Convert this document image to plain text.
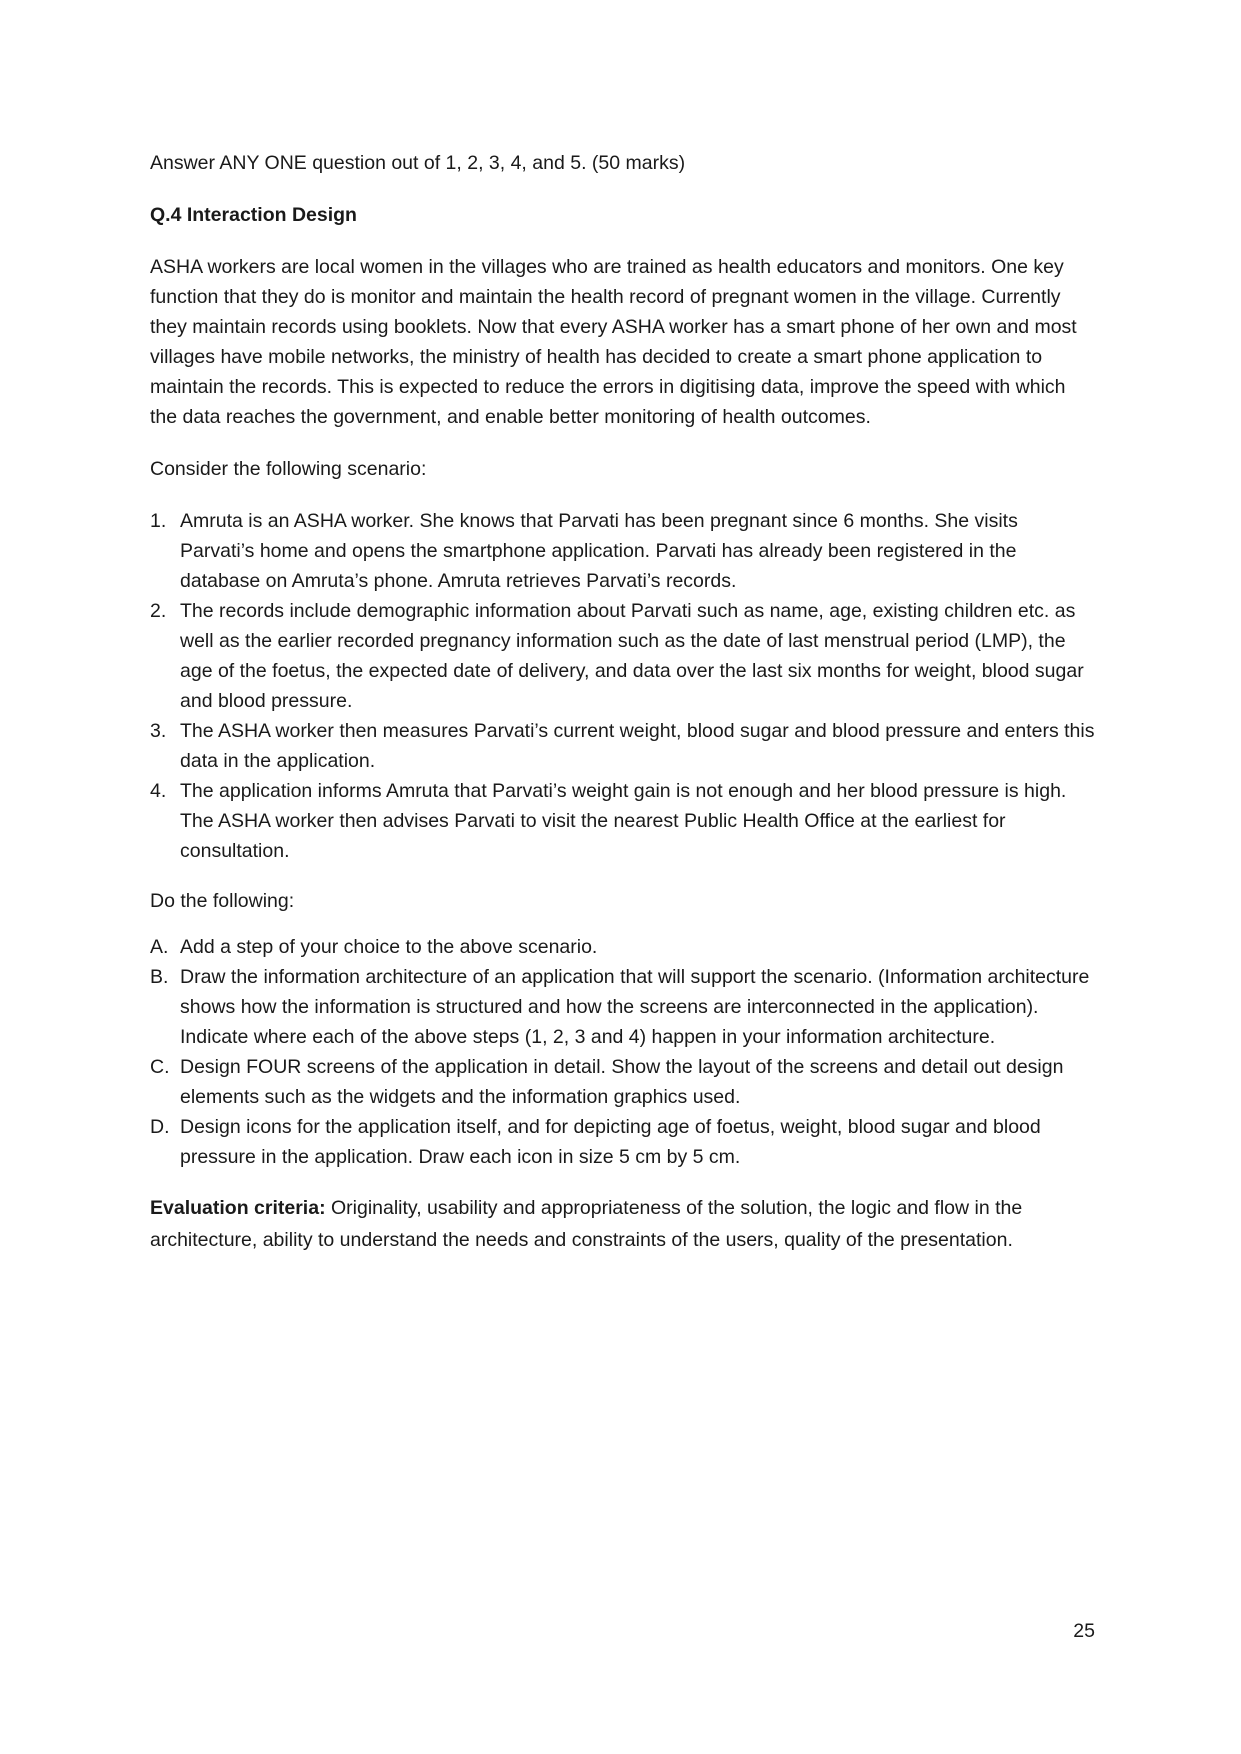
Answer ANY ONE question out of 1, 2, 3, 4, and 5. (50 marks)

Q.4 Interaction Design

ASHA workers are local women in the villages who are trained as health educators and monitors. One key function that they do is monitor and maintain the health record of pregnant women in the village. Currently they maintain records using booklets. Now that every ASHA worker has a smart phone of her own and most villages have mobile networks, the ministry of health has decided to create a smart phone application to maintain the records. This is expected to reduce the errors in digitising data, improve the speed with which the data reaches the government, and enable better monitoring of health outcomes.

Consider the following scenario:

1. Amruta is an ASHA worker. She knows that Parvati has been pregnant since 6 months. She visits Parvati’s home and opens the smartphone application. Parvati has already been registered in the database on Amruta’s phone. Amruta retrieves Parvati’s records.
2. The records include demographic information about Parvati such as name, age, existing children etc. as well as the earlier recorded pregnancy information such as the date of last menstrual period (LMP), the age of the foetus, the expected date of delivery, and data over the last six months for weight, blood sugar and blood pressure.
3. The ASHA worker then measures Parvati’s current weight, blood sugar and blood pressure and enters this data in the application.
4. The application informs Amruta that Parvati’s weight gain is not enough and her blood pressure is high. The ASHA worker then advises Parvati to visit the nearest Public Health Office at the earliest for consultation.

Do the following:

A. Add a step of your choice to the above scenario.
B. Draw the information architecture of an application that will support the scenario. (Information architecture shows how the information is structured and how the screens are interconnected in the application). Indicate where each of the above steps (1, 2, 3 and 4) happen in your information architecture.
C. Design FOUR screens of the application in detail. Show the layout of the screens and detail out design elements such as the widgets and the information graphics used.
D. Design icons for the application itself, and for depicting age of foetus, weight, blood sugar and blood pressure in the application. Draw each icon in size 5 cm by 5 cm.

Evaluation criteria: Originality, usability and appropriateness of the solution, the logic and flow in the architecture, ability to understand the needs and constraints of the users, quality of the presentation.

25
